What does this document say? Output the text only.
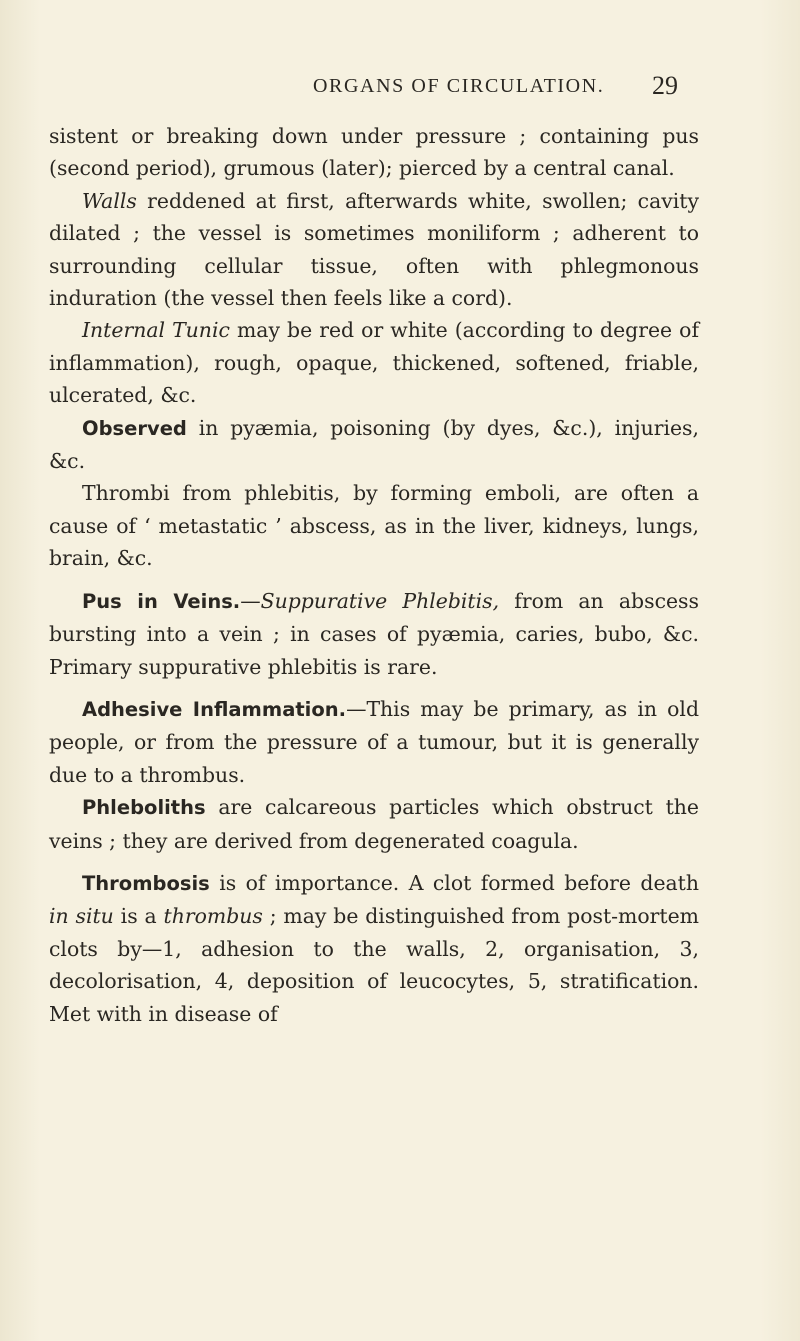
ORGANS OF CIRCULATION. 29

sistent or breaking down under pressure ; containing pus (second period), grumous (later); pierced by a central canal.

Walls reddened at first, afterwards white, swollen; cavity dilated ; the vessel is sometimes moniliform ; adherent to surrounding cellular tissue, often with phlegmonous induration (the vessel then feels like a cord).

Internal Tunic may be red or white (according to degree of inflammation), rough, opaque, thickened, softened, friable, ulcerated, &c.

Observed in pyæmia, poisoning (by dyes, &c.), injuries, &c.

Thrombi from phlebitis, by forming emboli, are often a cause of ‘ metastatic ’ abscess, as in the liver, kidneys, lungs, brain, &c.

Pus in Veins.—Suppurative Phlebitis, from an abscess bursting into a vein ; in cases of pyæmia, caries, bubo, &c. Primary suppurative phlebitis is rare.

Adhesive Inflammation.—This may be primary, as in old people, or from the pressure of a tumour, but it is generally due to a thrombus.

Phleboliths are calcareous particles which obstruct the veins ; they are derived from degenerated coagula.

Thrombosis is of importance. A clot formed before death in situ is a thrombus ; may be distinguished from post-mortem clots by—1, adhesion to the walls, 2, organisation, 3, decolorisation, 4, deposition of leucocytes, 5, stratification. Met with in disease of
